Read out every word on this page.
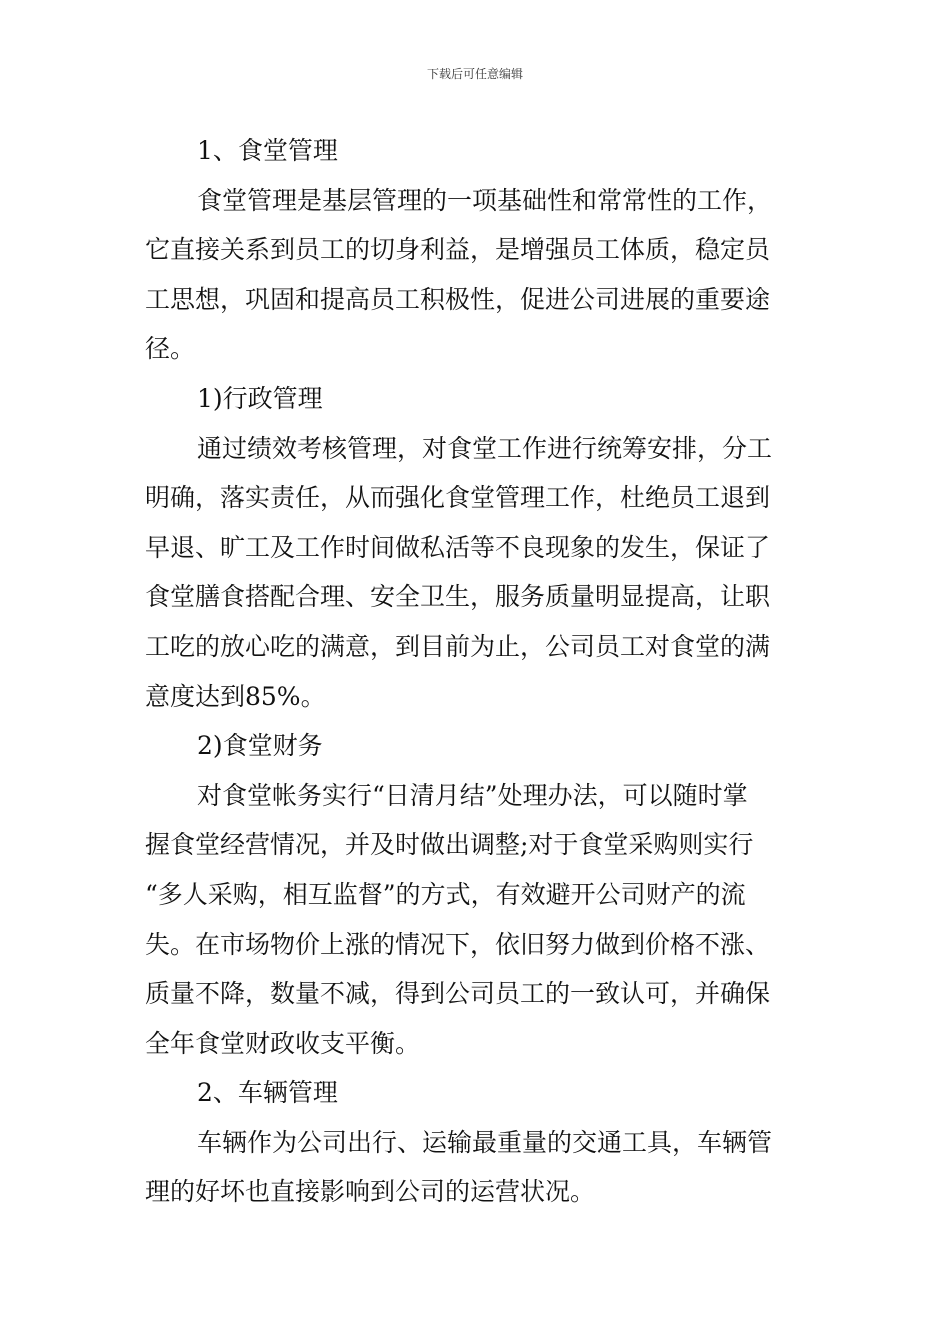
下载后可任意编辑
1、食堂管理
食堂管理是基层管理的一项基础性和常常性的工作，
它直接关系到员工的切身利益，是增强员工体质，稳定员
工思想，巩固和提高员工积极性，促进公司进展的重要途
径。
1)行政管理
通过绩效考核管理，对食堂工作进行统筹安排，分工
明确，落实责任，从而强化食堂管理工作，杜绝员工退到
早退、旷工及工作时间做私活等不良现象的发生，保证了
食堂膳食搭配合理、安全卫生，服务质量明显提高，让职
工吃的放心吃的满意，到目前为止，公司员工对食堂的满
意度达到85%。
2)食堂财务
对食堂帐务实行“日清月结”处理办法，可以随时掌
握食堂经营情况，并及时做出调整;对于食堂采购则实行
“多人采购，相互监督”的方式，有效避开公司财产的流
失。在市场物价上涨的情况下，依旧努力做到价格不涨、
质量不降，数量不减，得到公司员工的一致认可，并确保
全年食堂财政收支平衡。
2、车辆管理
车辆作为公司出行、运输最重量的交通工具，车辆管
理的好坏也直接影响到公司的运营状况。
